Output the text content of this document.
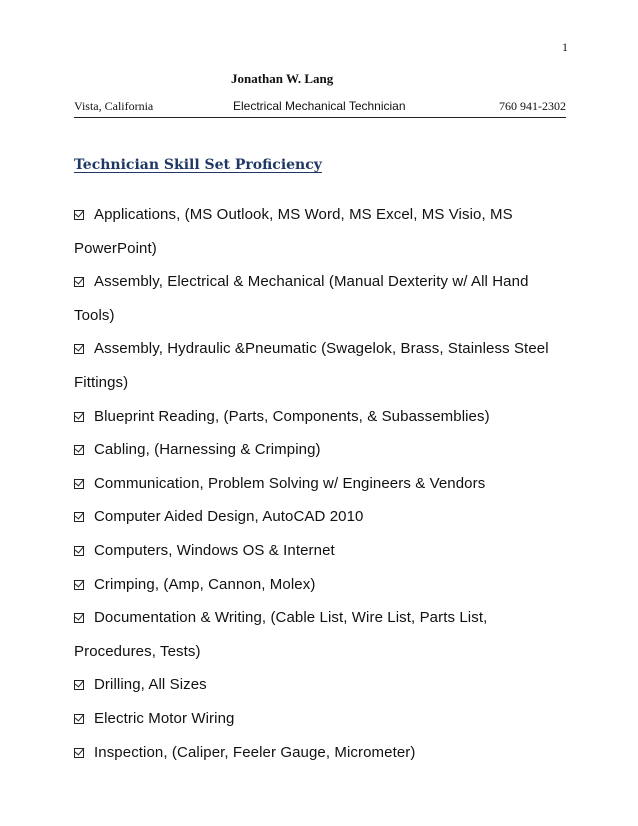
1
Jonathan W. Lang
Vista, California	Electrical Mechanical Technician	760 941-2302
Technician Skill Set Proficiency
Applications, (MS Outlook, MS Word, MS Excel, MS Visio, MS
PowerPoint)
Assembly, Electrical & Mechanical (Manual Dexterity w/ All Hand
Tools)
Assembly, Hydraulic &Pneumatic (Swagelok, Brass, Stainless Steel
Fittings)
Blueprint Reading, (Parts, Components, & Subassemblies)
Cabling, (Harnessing & Crimping)
Communication, Problem Solving w/ Engineers & Vendors
Computer Aided Design, AutoCAD 2010
Computers, Windows OS & Internet
Crimping, (Amp, Cannon, Molex)
Documentation & Writing, (Cable List, Wire List, Parts List,
Procedures, Tests)
Drilling, All Sizes
Electric Motor Wiring
Inspection, (Caliper, Feeler Gauge, Micrometer)
